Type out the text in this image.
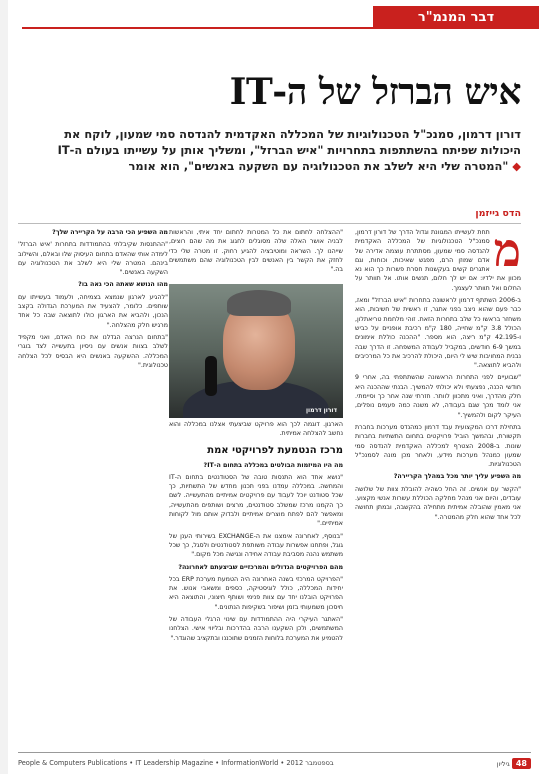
דבר המנמ"ר
איש הברזל של ה-IT
דורון דרמון, סמנכ"ל הטכנולוגיות של המכללה האקדמית להנדסה סמי שמעון, לוקח את
היכולות שפיתח בהשתתפות בתחרויות "איש הברזל", ומשליך אותן על עשייתו בעולם ה-IT
◆ "המטרה שלי היא לשלב את הטכנולוגיה עם השקעה באנשים", הוא אומר
הדס גייזמן

מ
תחת לעשייתו המגוונת וגדול הדרך של דורון דרמון, סמנכ"ל הטכנולוגיות של המכללה האקדמית להנדסה סמי שמעון, מסתתרת עוצמה אדירה של אדם שמוזן הרם, מפגש שאיכות, וכוחות, וגם אתגרים קשים בעקשנות חסרת פשרות כך הוא נא מכוון את ילדיו: אם יש לך חלום, תנשים אותו. אל תוותר על החלום ואל תוותר לעצמך.

ב-2006 השתתף דרמון לראשונה בתחרות "איש הברזל" ומאז, כבר פעם שהוא ניצב בפני אתגר, זו ראשית של חשיבות, הוא משחזר בראשו כל שלב בתחרות הזאת. זוהי מלחמת טריאתלון, הכולל 3.8 ק"מ שחייה, 180 ק"מ רכיבת אופניים על כביש ו-42.195 ק"מ ריצה, הוא מספר. "ההכנה כוללת אימונים במשך 6-9 חודשים, במקביל לעבודה המשפחה. זו הדרך שבה נבנית המחויבות שיש לי היום, היכולת להרכיב את כל המרכיבים ולהביא לתוצאה."

"שבועיים לפני התחרות הראשונה שהשתתפתי בה, אחרי 9 חודשי הכנה, נפצעתי ולא יכולתי להמשיך. הבנתי שההכנה היא חלק מהדרך, ואיני מתכוון לוותר. חזרתי שנה אחר כך וסיימתי. אני לומד מכך שגם בעבודה, לא משנה כמה פעמים נופלים, העיקר לקום ולהמשיך."

בתחילת דרכו המקצועית עבד דרמון כמהנדס מערכות בחברת תקשורת, ובהמשך הוביל פרויקטים בתחום התשתיות בחברות שונות. ב-2008 הצטרף למכללה האקדמית להנדסה סמי שמעון כמנהל מערכות מידע, ולאחר מכן מונה לסמנכ"ל הטכנולוגיות.

מה השפיע עליך יותר מכל במהלך הקריירה?

"הקשר עם אנשים. זה החל כשהיה להובלת צוות של שלושה עובדים, והיום אני מנהל מחלקה הכוללת עשרות אנשי מקצוע. אני מאמין שהובלה אמיתית מתחילה בהקשבה, ובמתן תחושה לכל אחד שהוא חלק מהמטרה."

"ההצלחה לחתום את כל המטרות לחתום יחד איתי, והראשות לבניה אושר האלה שלה מסוגלים לחגוג את מה שהם רוצים, שייהנו לך. השראה ומוטיבציה להגיע רחוק. זו מטרה שלי כדי לחזק את הקשר בין האנשים לבין הטכנולוגיה שהם משתמשים בה."

דורון דרמון

הארגון. דוגמה לכך הוא פרויקט שביצעתי אצלנו במכללה והוא נחשב להצלחה אמיתית.

מרכז הנטמעת לפרויקטי אמת

מה היו המיזמות הבולטים במכללה בתחום ה-IT?

"נושא אחד הוא התנסות טובה של הסטודנטים בתחום ה-IT והמחשה. במכללה עמדנו בפני תכנון מחדש של התשתיות, כך שכל סטודנט יוכל לעבוד עם פרויקטים אמיתיים מהתעשייה. לשם כך הקמנו מרכז שמשלב סטודנטים, מרצים ושותפים מהתעשייה, ומאפשר להם לפתח מוצרים אמיתיים ולבדוק אותם מול לקוחות אמיתיים."

"בנוסף, לאחרונה אימצנו את ה-EXCHANGE בשירותי הענן של גוגל, ופתחנו אפשרות עבודה משותפת לסטודנטים ולסגל, כך שכל משתמש נהנה מסביבת עבודה אחידה ונגישה מכל מקום."

מהם הפרויקטים הגדולים והמרכזיים שביצעתם לאחרונה?

"הפרויקט המרכזי בשנה האחרונה היה הטמעת מערכת ERP בכל יחידות המכללה, כולל לוגיסטיקה, כספים ומשאבי אנוש. את הפרויקט הובלנו יחד עם צוות פנימי ושותף חיצוני, והתוצאה היא חיסכון משמעותי בזמן ושיפור בשקיפות הנתונים."

"האתגר העיקרי היה ההתמודדות עם שינוי הרגלי העבודה של המשתמשים, ולכן השקענו הרבה בהדרכות ובליווי אישי. הצלחנו להטמיע את המערכת בלוחות הזמנים שתוכננו ובתקציב שהוגדר."

מה השפיע הכי הרבה על הקריירה שלך?

"ההתנסות שקיבלתי בהתמודדות בתחרות 'איש הברזל' לימדה אותי שהאדם בתחום העיסוק שלו ובאלם, והשילוב בינהם. המטרה שלי היא לשלב את הטכנולוגיה עם השקעה באנשים."

מהו הנושא שאתה הכי גאה בו?

"להגיע לארגון שנמצא בצמיחה, ולעמוד בעשייתו עם שותפים. כלומר, להצעיד את המערכת הגדולה בקצב הנכון, ולהביא את הארגון כולו לתוצאה שבה כל אחד מרגיש חלק מהצלחה."

"בתחום הנרצה הגדלנו את כוח האדם, ואני מקפיד לשלב בצוות אנשים עם ניסיון בתעשייה לצד בוגרי המכללה. ההשקעה באנשים היא הבסיס לכל הצלחה טכנולוגית."

People & Computers Publications • IT Leadership Magazine • InformationWorld • 2012 בספטמבר	גיליון 48
